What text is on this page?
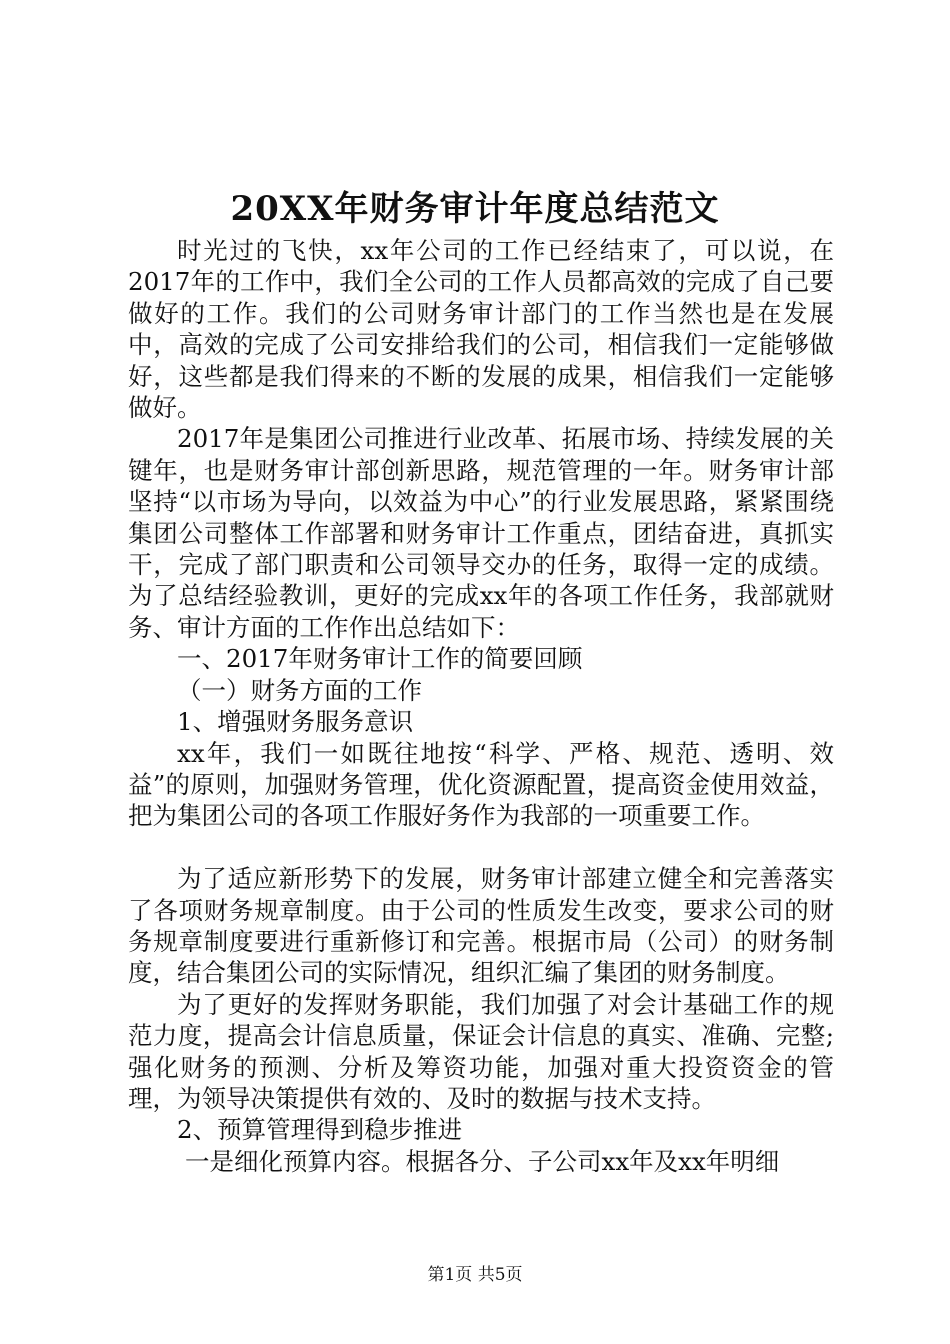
20XX年财务审计年度总结范文

时光过的飞快，xx年公司的工作已经结束了，可以说，在2017年的工作中，我们全公司的工作人员都高效的完成了自己要做好的工作。我们的公司财务审计部门的工作当然也是在发展中，高效的完成了公司安排给我们的公司，相信我们一定能够做好，这些都是我们得来的不断的发展的成果，相信我们一定能够做好。

2017年是集团公司推进行业改革、拓展市场、持续发展的关键年，也是财务审计部创新思路，规范管理的一年。财务审计部坚持“以市场为导向，以效益为中心”的行业发展思路，紧紧围绕集团公司整体工作部署和财务审计工作重点，团结奋进，真抓实干，完成了部门职责和公司领导交办的任务，取得一定的成绩。为了总结经验教训，更好的完成xx年的各项工作任务，我部就财务、审计方面的工作作出总结如下：

一、2017年财务审计工作的简要回顾

（一）财务方面的工作

1、增强财务服务意识

xx年，我们一如既往地按“科学、严格、规范、透明、效益”的原则，加强财务管理，优化资源配置，提高资金使用效益，把为集团公司的各项工作服好务作为我部的一项重要工作。

为了适应新形势下的发展，财务审计部建立健全和完善落实了各项财务规章制度。由于公司的性质发生改变，要求公司的财务规章制度要进行重新修订和完善。根据市局（公司）的财务制度，结合集团公司的实际情况，组织汇编了集团的财务制度。

为了更好的发挥财务职能，我们加强了对会计基础工作的规范力度，提高会计信息质量，保证会计信息的真实、准确、完整;强化财务的预测、分析及筹资功能，加强对重大投资资金的管理，为领导决策提供有效的、及时的数据与技术支持。

2、预算管理得到稳步推进

一是细化预算内容。根据各分、子公司xx年及xx年明细

第1页 共5页
